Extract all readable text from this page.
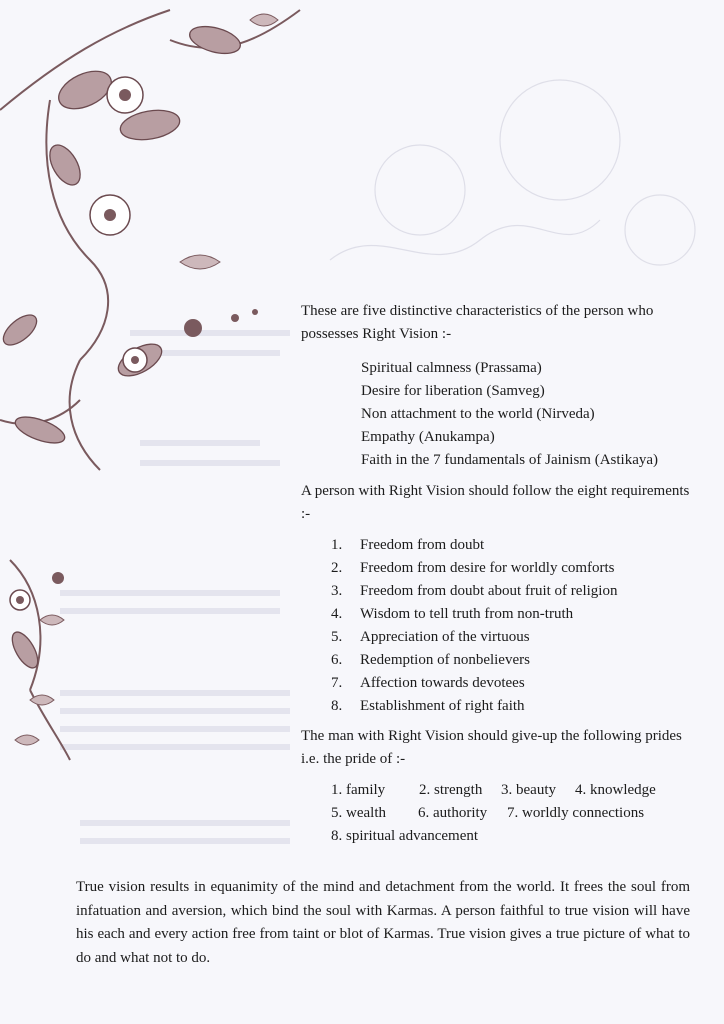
These are five distinctive characteristics of the person who possesses Right Vision :-

Spiritual calmness (Prassama)
Desire for liberation (Samveg)
Non attachment to the world (Nirveda)
Empathy (Anukampa)
Faith in the 7 fundamentals of Jainism (Astikaya)

A person with Right Vision should follow the eight requirements :-

1. Freedom from doubt
2. Freedom from desire for worldly comforts
3. Freedom from doubt about fruit of religion
4. Wisdom to tell truth from non-truth
5. Appreciation of the virtuous
6. Redemption of nonbelievers
7. Affection towards devotees
8. Establishment of right faith

The man with Right Vision should give-up the following prides i.e. the pride of :-

1. family 2. strength 3. beauty 4. knowledge
5. wealth 6. authority 7. worldly connections
8. spiritual advancement

True vision results in equanimity of the mind and detachment from the world. It frees the soul from infatuation and aversion, which bind the soul with Karmas. A person faithful to true vision will have his each and every action free from taint or blot of Karmas. True vision gives a true picture of what to do and what not to do.
